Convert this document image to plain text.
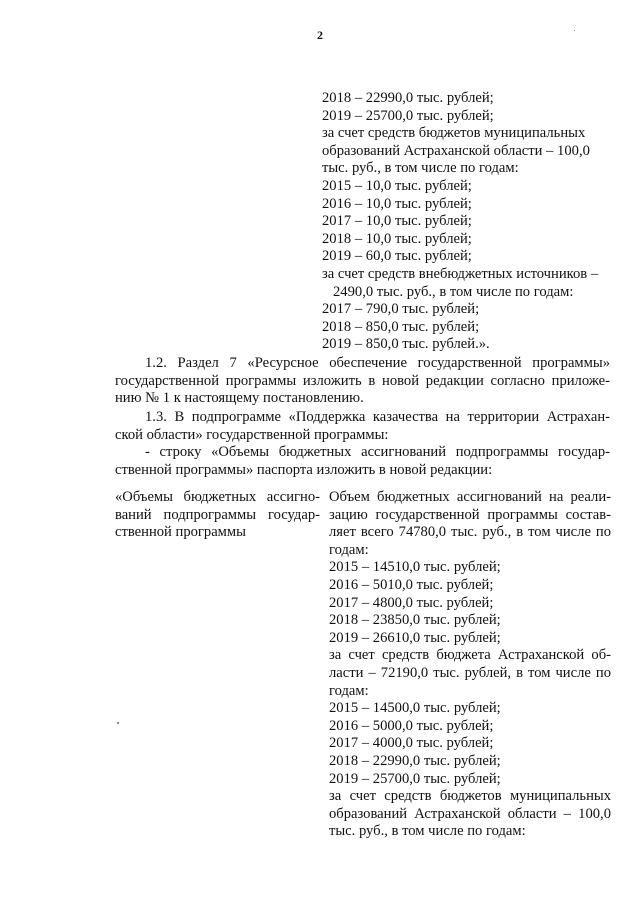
2
2018 – 22990,0 тыс. рублей;
2019 – 25700,0 тыс. рублей;
за счет средств бюджетов муниципальных
образований Астраханской области – 100,0
тыс. руб., в том числе по годам:
2015 – 10,0 тыс. рублей;
2016 – 10,0 тыс. рублей;
2017 – 10,0 тыс. рублей;
2018 – 10,0 тыс. рублей;
2019 – 60,0 тыс. рублей;
за счет средств внебюджетных источников –
2490,0 тыс. руб., в том числе по годам:
2017 – 790,0 тыс. рублей;
2018 – 850,0 тыс. рублей;
2019 – 850,0 тыс. рублей.».
1.2. Раздел 7 «Ресурсное обеспечение государственной программы»
государственной программы изложить в новой редакции согласно приложе-
нию № 1 к настоящему постановлению.
1.3. В подпрограмме «Поддержка казачества на территории Астрахан-
ской области» государственной программы:
- строку «Объемы бюджетных ассигнований подпрограммы государ-
ственной программы» паспорта изложить в новой редакции:
«Объемы бюджетных ассигно-
ваний подпрограммы государ-
ственной программы
Объем бюджетных ассигнований на реали-
зацию государственной программы состав-
ляет всего 74780,0 тыс. руб., в том числе по
годам:
2015 – 14510,0 тыс. рублей;
2016 – 5010,0 тыс. рублей;
2017 – 4800,0 тыс. рублей;
2018 – 23850,0 тыс. рублей;
2019 – 26610,0 тыс. рублей;
за счет средств бюджета Астраханской об-
ласти – 72190,0 тыс. рублей, в том числе по
годам:
2015 – 14500,0 тыс. рублей;
2016 – 5000,0 тыс. рублей;
2017 – 4000,0 тыс. рублей;
2018 – 22990,0 тыс. рублей;
2019 – 25700,0 тыс. рублей;
за счет средств бюджетов муниципальных
образований Астраханской области – 100,0
тыс. руб., в том числе по годам:
